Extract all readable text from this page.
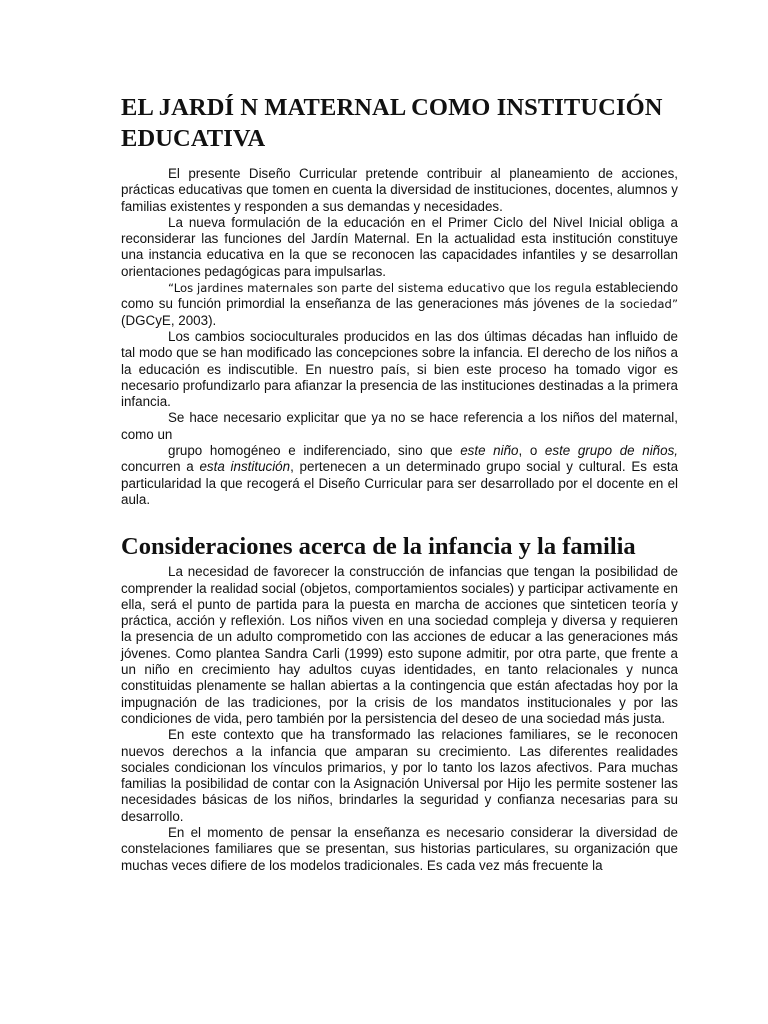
EL JARDÍ N MATERNAL COMO INSTITUCIÓN EDUCATIVA

El presente Diseño Curricular pretende contribuir al planeamiento de acciones, prácticas educativas que tomen en cuenta la diversidad de instituciones, docentes, alumnos y familias existentes y responden a sus demandas y necesidades.

La nueva formulación de la educación en el Primer Ciclo del Nivel Inicial obliga a reconsiderar las funciones del Jardín Maternal. En la actualidad esta institución constituye una instancia educativa en la que se reconocen las capacidades infantiles y se desarrollan orientaciones pedagógicas para impulsarlas.

“Los jardines maternales son parte del sistema educativo que los regula estableciendo como su función primordial la enseñanza de las generaciones más jóvenes de la sociedad” (DGCyE, 2003).

Los cambios socioculturales producidos en las dos últimas décadas han influido de tal modo que se han modificado las concepciones sobre la infancia. El derecho de los niños a la educación es indiscutible. En nuestro país, si bien este proceso ha tomado vigor es necesario profundizarlo para afianzar la presencia de las instituciones destinadas a la primera infancia.

Se hace necesario explicitar que ya no se hace referencia a los niños del maternal, como un

grupo homogéneo e indiferenciado, sino que este niño, o este grupo de niños, concurren a esta institución, pertenecen a un determinado grupo social y cultural. Es esta particularidad la que recogerá el Diseño Curricular para ser desarrollado por el docente en el aula.

Consideraciones acerca de la infancia y la familia

La necesidad de favorecer la construcción de infancias que tengan la posibilidad de comprender la realidad social (objetos, comportamientos sociales) y participar activamente en ella, será el punto de partida para la puesta en marcha de acciones que sinteticen teoría y práctica, acción y reflexión. Los niños viven en una sociedad compleja y diversa y requieren la presencia de un adulto comprometido con las acciones de educar a las generaciones más jóvenes. Como plantea Sandra Carli (1999) esto supone admitir, por otra parte, que frente a un niño en crecimiento hay adultos cuyas identidades, en tanto relacionales y nunca constituidas plenamente se hallan abiertas a la contingencia que están afectadas hoy por la impugnación de las tradiciones, por la crisis de los mandatos institucionales y por las condiciones de vida, pero también por la persistencia del deseo de una sociedad más justa.

En este contexto que ha transformado las relaciones familiares, se le reconocen nuevos derechos a la infancia que amparan su crecimiento. Las diferentes realidades sociales condicionan los vínculos primarios, y por lo tanto los lazos afectivos. Para muchas familias la posibilidad de contar con la Asignación Universal por Hijo les permite sostener las necesidades básicas de los niños, brindarles la seguridad y confianza necesarias para su desarrollo.

En el momento de pensar la enseñanza es necesario considerar la diversidad de constelaciones familiares que se presentan, sus historias particulares, su organización que muchas veces difiere de los modelos tradicionales. Es cada vez más frecuente la
